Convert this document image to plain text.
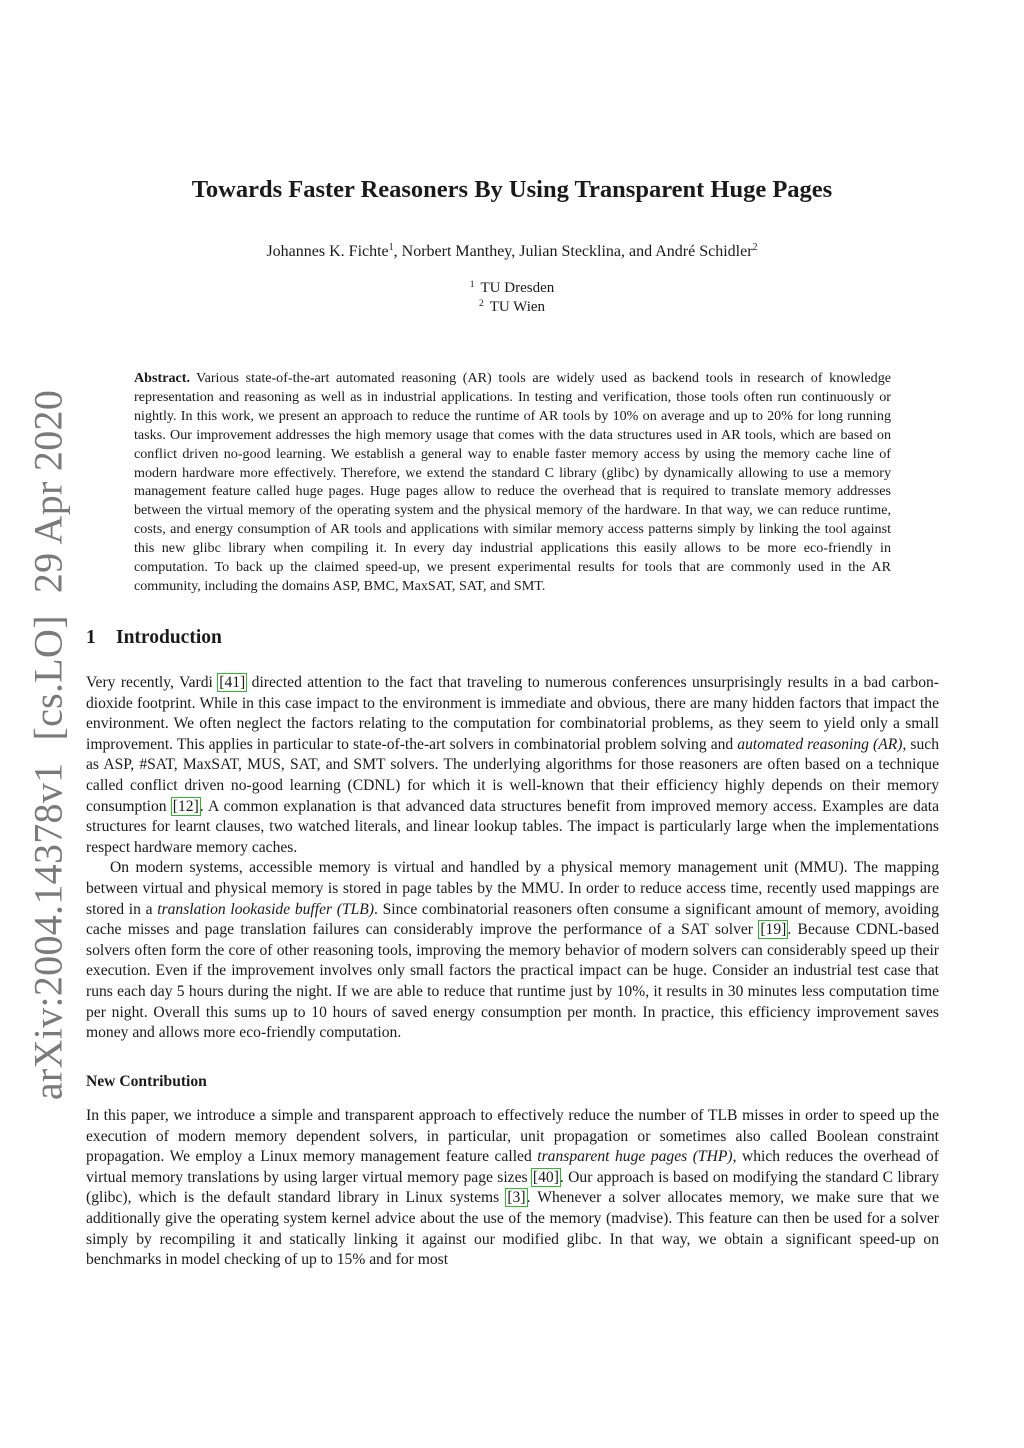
arXiv:2004.14378v1[cs.LO]29 Apr 2020
Towards Faster Reasoners By Using Transparent Huge Pages
Johannes K. Fichte$^1$, Norbert Manthey, Julian Stecklina, and André Schidler$^2$
$^1$ TU Dresden
$^2$ TU Wien

Abstract. Various state-of-the-art automated reasoning (AR) tools are widely used as backend tools in research of knowledge representation and reasoning as well as in industrial applications. In testing and verification, those tools often run continuously or nightly. In this work, we present an approach to reduce the runtime of AR tools by 10% on average and up to 20% for long running tasks. Our improvement addresses the high memory usage that comes with the data structures used in AR tools, which are based on conflict driven no-good learning. We establish a general way to enable faster memory access by using the memory cache line of modern hardware more effectively. Therefore, we extend the standard C library (glibc) by dynamically allowing to use a memory management feature called huge pages. Huge pages allow to reduce the overhead that is required to translate memory addresses between the virtual memory of the operating system and the physical memory of the hardware. In that way, we can reduce runtime, costs, and energy consumption of AR tools and applications with similar memory access patterns simply by linking the tool against this new glibc library when compiling it. In every day industrial applications this easily allows to be more eco-friendly in computation. To back up the claimed speed-up, we present experimental results for tools that are commonly used in the AR community, including the domains ASP, BMC, MaxSAT, SAT, and SMT.

1 Introduction

Very recently, Vardi [41] directed attention to the fact that traveling to numerous conferences unsurprisingly results in a bad carbon-dioxide footprint. While in this case impact to the environment is immediate and obvious, there are many hidden factors that impact the environment. We often neglect the factors relating to the computation for combinatorial problems, as they seem to yield only a small improvement. This applies in particular to state-of-the-art solvers in combinatorial problem solving and automated reasoning (AR), such as ASP, #SAT, MaxSAT, MUS, SAT, and SMT solvers. The underlying algorithms for those reasoners are often based on a technique called conflict driven no-good learning (CDNL) for which it is well-known that their efficiency highly depends on their memory consumption [12]. A common explanation is that advanced data structures benefit from improved memory access. Examples are data structures for learnt clauses, two watched literals, and linear lookup tables. The impact is particularly large when the implementations respect hardware memory caches.

On modern systems, accessible memory is virtual and handled by a physical memory management unit (MMU). The mapping between virtual and physical memory is stored in page tables by the MMU. In order to reduce access time, recently used mappings are stored in a translation lookaside buffer (TLB). Since combinatorial reasoners often consume a significant amount of memory, avoiding cache misses and page translation failures can considerably improve the performance of a SAT solver [19]. Because CDNL-based solvers often form the core of other reasoning tools, improving the memory behavior of modern solvers can considerably speed up their execution. Even if the improvement involves only small factors the practical impact can be huge. Consider an industrial test case that runs each day 5 hours during the night. If we are able to reduce that runtime just by 10%, it results in 30 minutes less computation time per night. Overall this sums up to 10 hours of saved energy consumption per month. In practice, this efficiency improvement saves money and allows more eco-friendly computation.

New Contribution

In this paper, we introduce a simple and transparent approach to effectively reduce the number of TLB misses in order to speed up the execution of modern memory dependent solvers, in particular, unit propagation or sometimes also called Boolean constraint propagation. We employ a Linux memory management feature called transparent huge pages (THP), which reduces the overhead of virtual memory translations by using larger virtual memory page sizes [40]. Our approach is based on modifying the standard C library (glibc), which is the default standard library in Linux systems [3]. Whenever a solver allocates memory, we make sure that we additionally give the operating system kernel advice about the use of the memory (madvise). This feature can then be used for a solver simply by recompiling it and statically linking it against our modified glibc. In that way, we obtain a significant speed-up on benchmarks in model checking of up to 15% and for most
